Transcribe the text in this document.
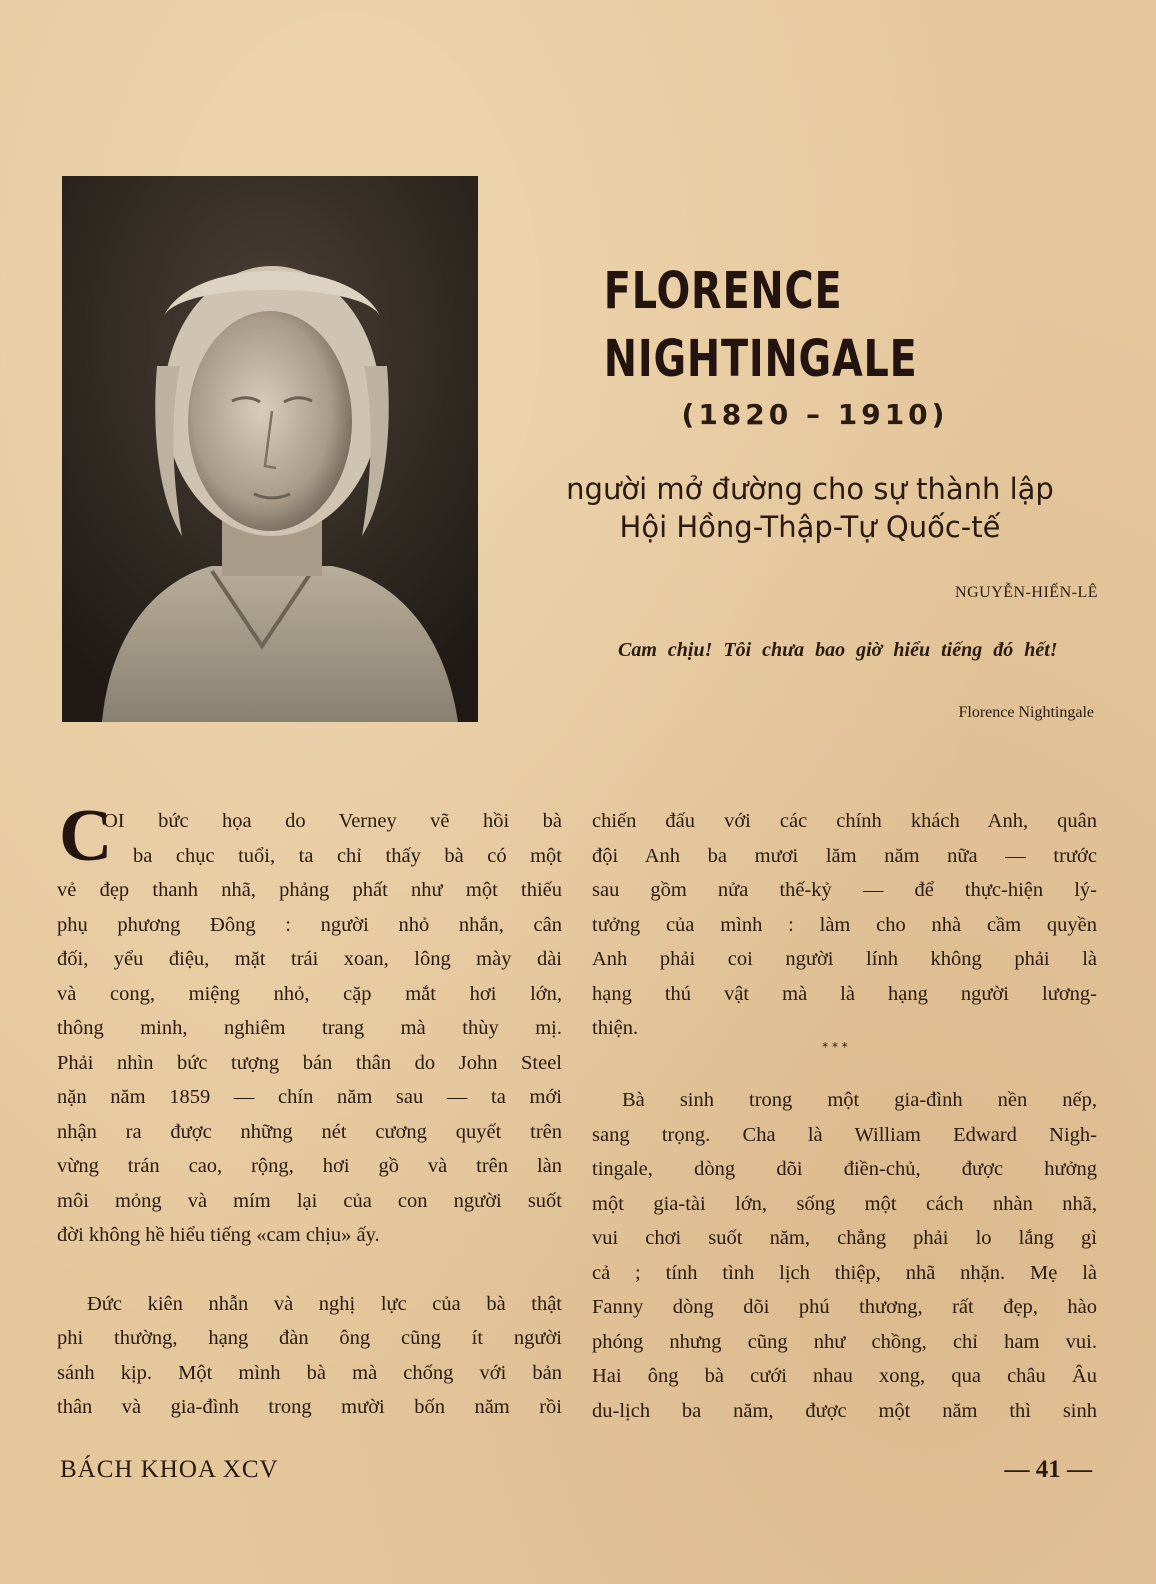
FLORENCE
NIGHTINGALE
(1820 – 1910)
người mở đường cho sự thành lập
Hội Hồng-Thập-Tự Quốc-tế
NGUYỄN-HIẾN-LÊ

Cam chịu! Tôi chưa bao giờ hiểu tiếng đó hết!

Florence Nightingale
C
OI bức họa do Verney vẽ hồi bà
ba chục tuổi, ta chỉ thấy bà có một

vẻ đẹp thanh nhã, phảng phất như một thiếu
phụ phương Đông : người nhỏ nhắn, cân
đối, yểu điệu, mặt trái xoan, lông mày dài
và cong, miệng nhỏ, cặp mắt hơi lớn,
thông minh, nghiêm trang mà thùy mị.
Phải nhìn bức tượng bán thân do John Steel
nặn năm 1859 — chín năm sau — ta mới
nhận ra được những nét cương quyết trên
vừng trán cao, rộng, hơi gồ và trên làn
môi mỏng và mím lại của con người suốt
đời không hề hiểu tiếng «cam chịu» ấy.

Đức kiên nhẫn và nghị lực của bà thật

phi thường, hạng đàn ông cũng ít người
sánh kịp. Một mình bà mà chống với bản
thân và gia-đình trong mười bốn năm rồi

chiến đấu với các chính khách Anh, quân
đội Anh ba mươi lăm năm nữa — trước
sau gồm nửa thế-kỷ — để thực-hiện lý-
tưởng của mình : làm cho nhà cầm quyền
Anh phải coi người lính không phải là
hạng thú vật mà là hạng người lương-
thiện.

* * *

Bà sinh trong một gia-đình nền nếp,

sang trọng. Cha là William Edward Nigh-
tingale, dòng dõi điền-chủ, được hưởng
một gia-tài lớn, sống một cách nhàn nhã,
vui chơi suốt năm, chẳng phải lo lắng gì
cả ; tính tình lịch thiệp, nhã nhặn. Mẹ là
Fanny dòng dõi phú thương, rất đẹp, hào
phóng nhưng cũng như chồng, chỉ ham vui.
Hai ông bà cưới nhau xong, qua châu Âu
du-lịch ba năm, được một năm thì sinh

BÁCH KHOA XCV	— 41 —
